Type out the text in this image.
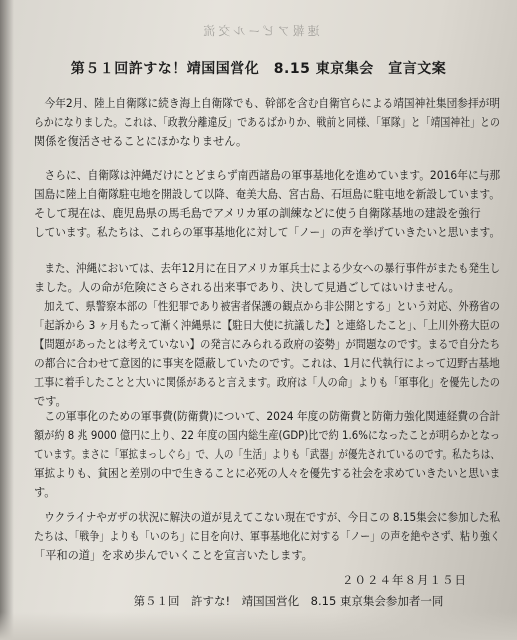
速報アピール交流
第５１回許すな！靖国国営化　8.15 東京集会　宣言文案
今年2月、陸上自衛隊に続き海上自衛隊でも、幹部を含む自衛官らによる靖国神社集団参拝が明
らかになりました。これは、「政教分離違反」であるばかりか、戦前と同様、「軍隊」と「靖国神社」との
関係を復活させることにほかなりません。
さらに、自衛隊は沖縄だけにとどまらず南西諸島の軍事基地化を進めています。2016年に与那
国島に陸上自衛隊駐屯地を開設して以降、奄美大島、宮古島、石垣島に駐屯地を新設しています。
そして現在は、鹿児島県の馬毛島でアメリカ軍の訓練などに使う自衛隊基地の建設を強行
しています。私たちは、これらの軍事基地化に対して「ノー」の声を挙げていきたいと思います。
また、沖縄においては、去年12月に在日アメリカ軍兵士による少女への暴行事件がまたも発生し
ました。人の命が危険にさらされる出来事であり、決して見過ごしてはいけません。
加えて、県警察本部の「性犯罪であり被害者保護の観点から非公開とする」という対応、外務省の
「起訴から 3 ヶ月もたって漸く沖縄県に【駐日大使に抗議した】と連絡したこと」、「上川外務大臣の
【問題があったとは考えていない】の発言にみられる政府の姿勢」が問題なのです。まるで自分たち
の都合に合わせて意図的に事実を隠蔽していたのです。これは、1月に代執行によって辺野古基地
工事に着手したことと大いに関係があると言えます。政府は「人の命」よりも「軍事化」を優先したの
です。
この軍事化のための軍事費(防衛費)について、2024 年度の防衛費と防衛力強化関連経費の合計
額が約 8 兆 9000 億円に上り、22 年度の国内総生産(GDP)比で約 1.6%になったことが明らかとなっ
ています。まさに「軍拡まっしぐら」で、人の「生活」よりも「武器」が優先されているのです。私たちは、
軍拡よりも、貧困と差別の中で生きることに必死の人々を優先する社会を求めていきたいと思いま
す。
ウクライナやガザの状況に解決の道が見えてこない現在ですが、今日この 8.15集会に参加した私
たちは、「戦争」よりも「いのち」に目を向け、軍事基地化に対する「ノー」の声を絶やさず、粘り強く
「平和の道」を求め歩んでいくことを宣言いたします。
２０２４年８月１５日
第５１回　許すな!　靖国国営化　8.15 東京集会参加者一同
